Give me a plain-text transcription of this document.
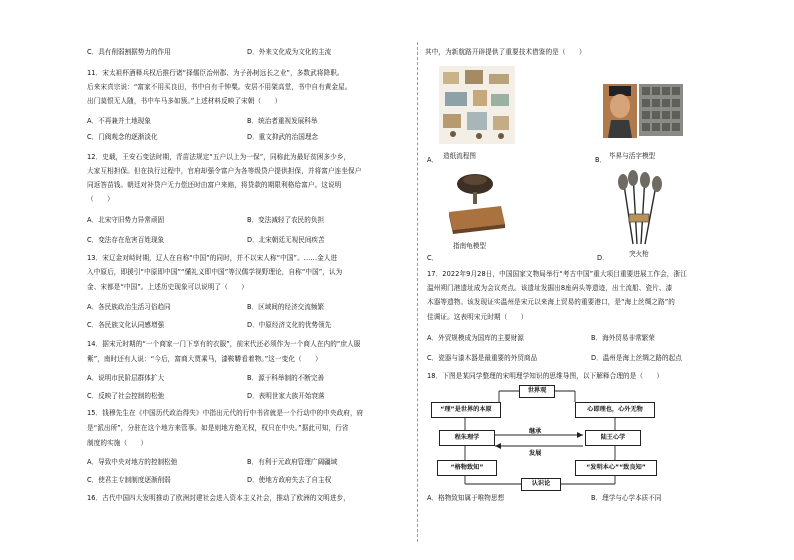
C．具有削弱割据势力的作用	D．外来文化成为文化的主流
11．宋太祖杯酒释兵权后推行诸“择儒臣治州郡、为子孙树远长之业”，多数武将降职。
后来宋真宗说：“富家不用买良田，书中自有千钟粟。安居不用架高堂，书中自有黄金屋。
出门莫恨无人随，书中车马多如簇。”上述材料反映了宋朝（　　）
A．不再兼并土地现象	B．统治者重视发展科举
C．门阀观念的逐渐淡化	D．重文抑武的治国理念
12．史载，王安石变法时期，青苗法规定“五户以上为一保”，同称此为最好贫困多少乡，
大家互相担保。但在执行过程中，官府却强令富户为各等级贷户提供担保，并将富户连坐保户
同返答苗钱。朝廷对补贷户无力偿还时由富户来赔，将贷款的期限利格给富户。这说明
（　　）
A．北宋守旧势力异常顽固	B．变法减轻了农民的负担
C．变法存在危害百姓现象	D．北宋朝廷无视民间疾苦
13．宋辽金对峙时期，辽人在自称“中国”的同时，并不以宋人称“中国”。……金人进
入中原后，即援引“中原即中国”“懂礼义即中国”等汉儒学视野理论，自称“中国”，认为
金、宋都是“中国”。上述历史现象可以说明了（　　）
A．各民族政治生活习俗趋同	B．区域间的经济交流频繁
C．各民族文化认同感增强	D．中原经济文化的优势领先
14．据宋元时期的“一个商家一门下享有的衣服”，前宋代还必须作为一个商人在内的“庶人服
紫”，南时还有人说：“今后，富商大贾乘马，漆鞍鞯看着物。”这一变化（　　）
A．说明市民阶层群体扩大	B．源于科举制的不断完善
C．反映了社会控制的松弛	D．表明世家大族开始衰落
15．钱穆先生在《中国历代政治得失》中指出元代的行中书省就是一个行动中的中央政府，府
是“派出所”，分驻在这个地方来管事。如是则地方绝无权，权只在中央。”据此可知，行省
制度的实施（　　）
A．导致中央对地方的控制松弛	B．有利于元政府管理广阔疆域
C．使君主专制制度逐渐削弱	D．使地方政府失去了自主权
16．古代中国四大发明推动了欧洲封建社会进入资本主义社会，推动了欧洲的文明进步，
其中，为新航路开辟提供了重要技术借鉴的是（　　）
A． 造纸流程图	B． 毕昇与活字模型
C．
指南龟模型
D．	突火枪
17．2022年9月28日，中国国家文物局举行“考古中国”重大项目重要进展工作会，浙江
温州朔门港遗址成为会议亮点。该遗址发掘出8座码头等遗迹，出土流船、瓷片、漆
木器等遗物。该发现证实温州是宋元以来海上贸易的重要港口，是“海上丝绸之路”的
佳调证。这表明宋元时期（　　）
A．外贸规模成为国库的主要财源	B．海外贸易非常繁荣
C．瓷器与漆木器是最重要的外贸商品	D．温州是海上丝绸之路的起点
18．下图是某同学整理的宋明理学知识的思维导图，以下解释合理的是（　　）
世界观
“理”是世界的本原	心即理也，心外无物
程朱理学	陆王心学
继承
发展
“格物致知”	“发明本心”“致良知”
认识论
A．格物致知属于唯物思想	B．理学与心学本质不同
